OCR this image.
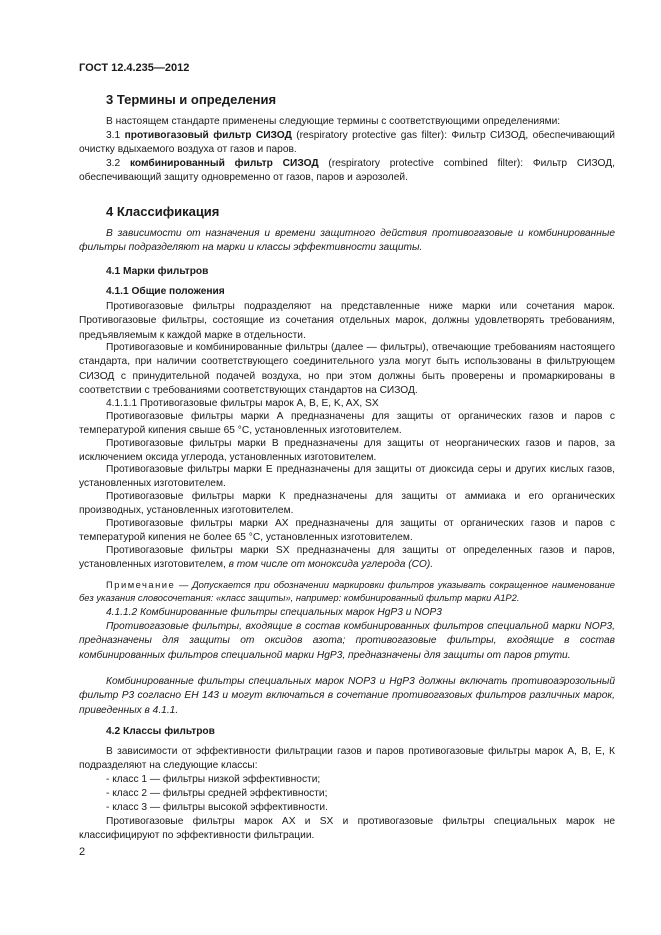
ГОСТ 12.4.235—2012
3 Термины и определения
В настоящем стандарте применены следующие термины с соответствующими определениями:
3.1 противогазовый фильтр СИЗОД (respiratory protective gas filter): Фильтр СИЗОД, обеспечивающий очистку вдыхаемого воздуха от газов и паров.
3.2 комбинированный фильтр СИЗОД (respiratory protective combined filter): Фильтр СИЗОД, обеспечивающий защиту одновременно от газов, паров и аэрозолей.
4 Классификация
В зависимости от назначения и времени защитного действия противогазовые и комбинированные фильтры подразделяют на марки и классы эффективности защиты.
4.1 Марки фильтров
4.1.1 Общие положения
Противогазовые фильтры подразделяют на представленные ниже марки или сочетания марок. Противогазовые фильтры, состоящие из сочетания отдельных марок, должны удовлетворять требованиям, предъявляемым к каждой марке в отдельности.
Противогазовые и комбинированные фильтры (далее — фильтры), отвечающие требованиям настоящего стандарта, при наличии соответствующего соединительного узла могут быть использованы в фильтрующем СИЗОД с принудительной подачей воздуха, но при этом должны быть проверены и промаркированы в соответствии с требованиями соответствующих стандартов на СИЗОД.
4.1.1.1 Противогазовые фильтры марок A, B, E, K, AX, SX
Противогазовые фильтры марки А предназначены для защиты от органических газов и паров с температурой кипения свыше 65 °С, установленных изготовителем.
Противогазовые фильтры марки В предназначены для защиты от неорганических газов и паров, за исключением оксида углерода, установленных изготовителем.
Противогазовые фильтры марки Е предназначены для защиты от диоксида серы и других кислых газов, установленных изготовителем.
Противогазовые фильтры марки К предназначены для защиты от аммиака и его органических производных, установленных изготовителем.
Противогазовые фильтры марки АХ предназначены для защиты от органических газов и паров с температурой кипения не более 65 °С, установленных изготовителем.
Противогазовые фильтры марки SX предназначены для защиты от определенных газов и паров, установленных изготовителем, в том числе от моноксида углерода (СО).
Примечание — Допускается при обозначении маркировки фильтров указывать сокращенное наименование без указания словосочетания: «класс защиты», например: комбинированный фильтр марки А1Р2.
4.1.1.2 Комбинированные фильтры специальных марок HgP3 и NOP3
Противогазовые фильтры, входящие в состав комбинированных фильтров специальной марки NOP3, предназначены для защиты от оксидов азота; противогазовые фильтры, входящие в состав комбинированных фильтров специальной марки HgP3, предназначены для защиты от паров ртути.
Комбинированные фильтры специальных марок NOP3 и HgP3 должны включать противоаэрозольный фильтр Р3 согласно ЕН 143 и могут включаться в сочетание противогазовых фильтров различных марок, приведенных в 4.1.1.
4.2 Классы фильтров
В зависимости от эффективности фильтрации газов и паров противогазовые фильтры марок А, В, Е, К подразделяют на следующие классы:
- класс 1 — фильтры низкой эффективности;
- класс 2 — фильтры средней эффективности;
- класс 3 — фильтры высокой эффективности.
Противогазовые фильтры марок АХ и SX и противогазовые фильтры специальных марок не классифицируют по эффективности фильтрации.
2
